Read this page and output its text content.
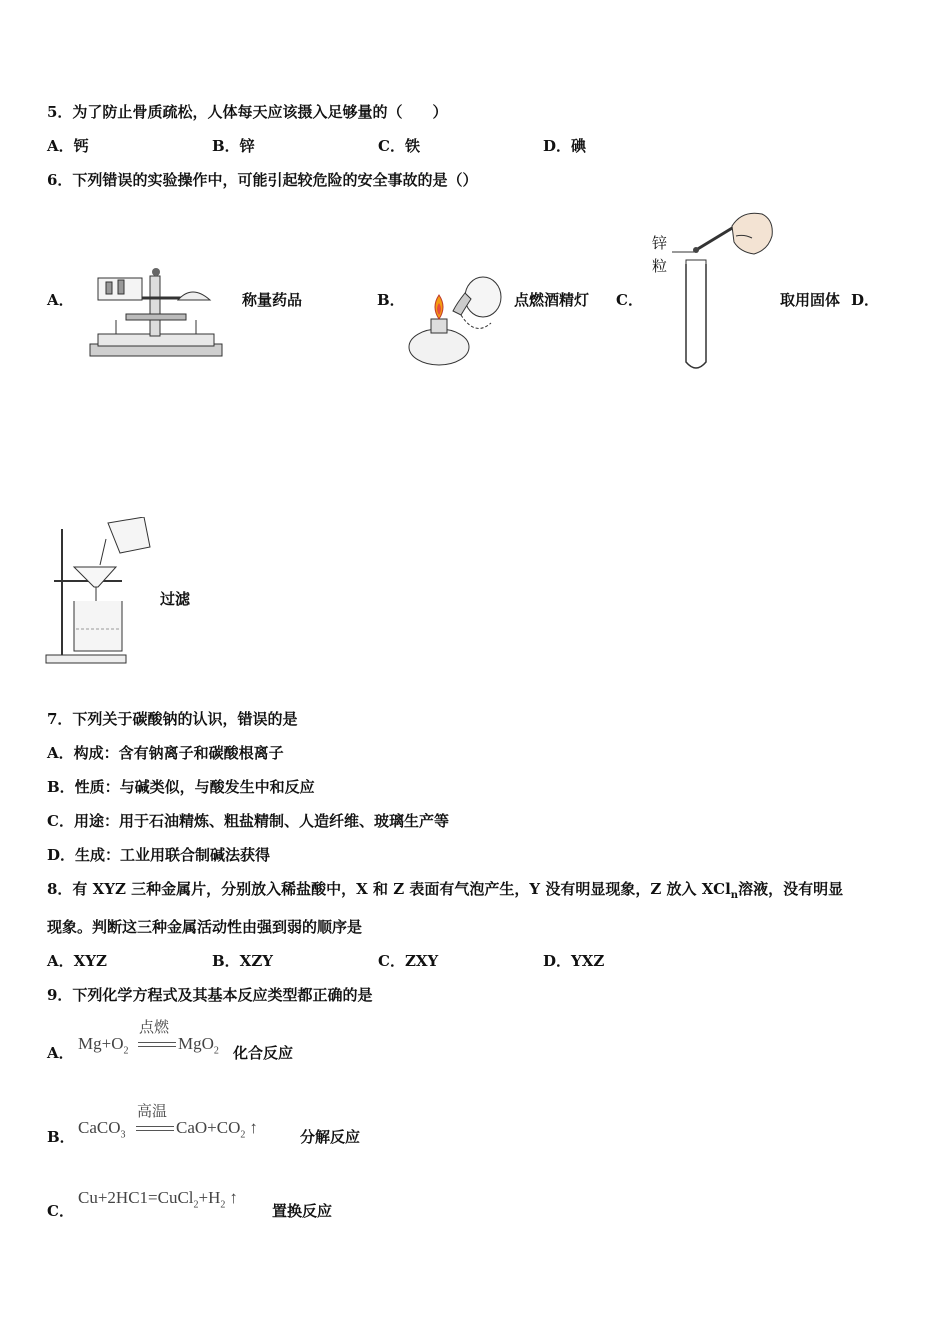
5．为了防止骨质疏松，人体每天应该摄入足够量的（　　）
A．钙	B．锌	C．铁	D．碘
6．下列错误的实验操作中，可能引起较危险的安全事故的是（）
A．	称量药品	B．	点燃酒精灯 C．
锌
粒
取用固体 D．
过滤
7．下列关于碳酸钠的认识，错误的是
A．构成：含有钠离子和碳酸根离子
B．性质：与碱类似，与酸发生中和反应
C．用途：用于石油精炼、粗盐精制、人造纤维、玻璃生产等
D．生成：工业用联合制碱法获得
8．有 XYZ 三种金属片，分别放入稀盐酸中，X 和 Z 表面有气泡产生，Y 没有明显现象，Z 放入 XCl$_n$溶液，没有明显
现象。判断这三种金属活动性由强到弱的顺序是
A．XYZ	B．XZY	C．ZXY	D．YXZ
9．下列化学方程式及其基本反应类型都正确的是
A． $Mg+O_2$
点燃
MgO$_2$ 化合反应
B． CaCO$_3$
高温
$CaO+CO_2$ ↑	分解反应
C．
$Cu+2HC1=CuCl_2+H_2$ ↑
置换反应
